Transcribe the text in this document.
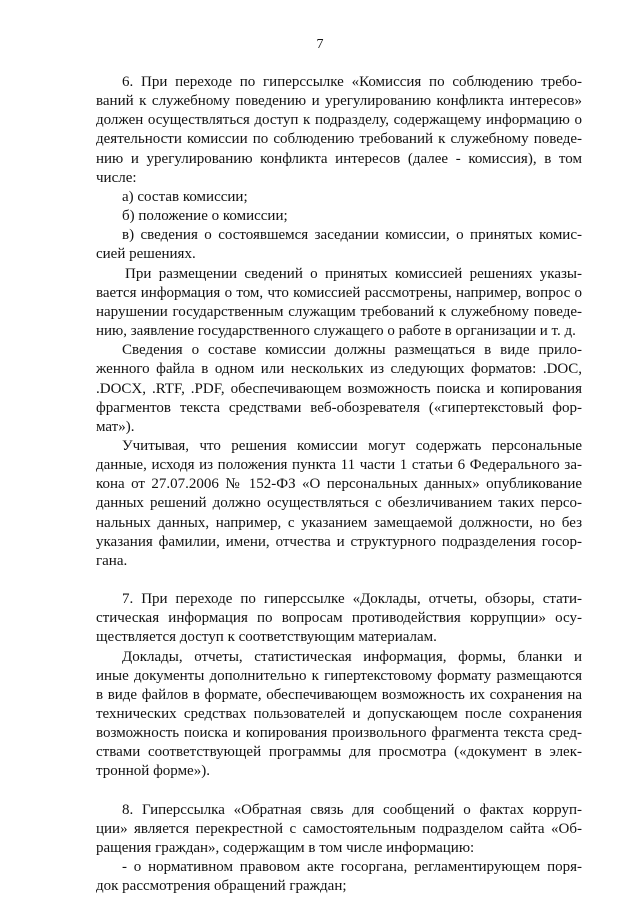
7

6. При переходе по гиперссылке «Комиссия по соблюдению требо-
ваний к служебному поведению и урегулированию конфликта интересов»
должен осуществляться доступ к подразделу, содержащему информацию о
деятельности комиссии по соблюдению требований к служебному поведе-
нию и урегулированию конфликта интересов (далее - комиссия), в том
числе:

а) состав комиссии;

б) положение о комиссии;

в) сведения о состоявшемся заседании комиссии, о принятых комис-
сией решениях.

При размещении сведений о принятых комиссией решениях указы-
вается информация о том, что комиссией рассмотрены, например, вопрос о
нарушении государственным служащим требований к служебному поведе-
нию, заявление государственного служащего о работе в организации и т. д.

Сведения о составе комиссии должны размещаться в виде прило-
женного файла в одном или нескольких из следующих форматов: .DOC,
.DOCX, .RTF, .PDF, обеспечивающем возможность поиска и копирования
фрагментов текста средствами веб-обозревателя («гипертекстовый фор-
мат»).

Учитывая, что решения комиссии могут содержать персональные
данные, исходя из положения пункта 11 части 1 статьи 6 Федерального за-
кона от 27.07.2006 № 152-ФЗ «О персональных данных» опубликование
данных решений должно осуществляться с обезличиванием таких персо-
нальных данных, например, с указанием замещаемой должности, но без
указания фамилии, имени, отчества и структурного подразделения госор-
гана.

7. При переходе по гиперссылке «Доклады, отчеты, обзоры, стати-
стическая информация по вопросам противодействия коррупции» осу-
ществляется доступ к соответствующим материалам.

Доклады, отчеты, статистическая информация, формы, бланки и
иные документы дополнительно к гипертекстовому формату размещаются
в виде файлов в формате, обеспечивающем возможность их сохранения на
технических средствах пользователей и допускающем после сохранения
возможность поиска и копирования произвольного фрагмента текста сред-
ствами соответствующей программы для просмотра («документ в элек-
тронной форме»).

8. Гиперссылка «Обратная связь для сообщений о фактах корруп-
ции» является перекрестной с самостоятельным подразделом сайта «Об-
ращения граждан», содержащим в том числе информацию:

- о нормативном правовом акте госоргана, регламентирующем поря-
док рассмотрения обращений граждан;
